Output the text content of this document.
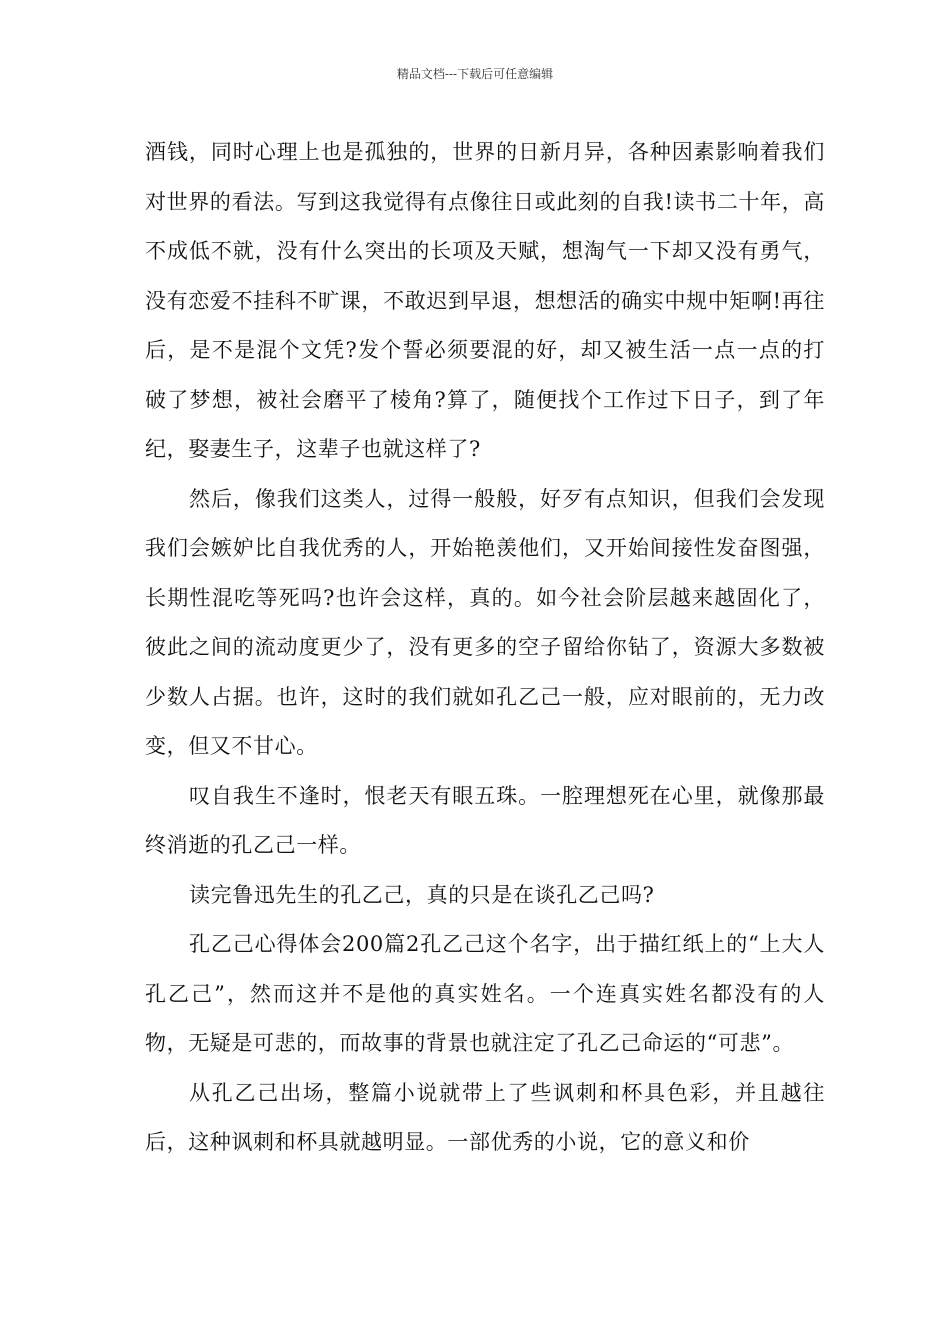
精品文档---下载后可任意编辑

酒钱，同时心理上也是孤独的，世界的日新月异，各种因素影响着我们对世界的看法。写到这我觉得有点像往日或此刻的自我!读书二十年，高不成低不就，没有什么突出的长项及天赋，想淘气一下却又没有勇气，没有恋爱不挂科不旷课，不敢迟到早退，想想活的确实中规中矩啊!再往后，是不是混个文凭?发个誓必须要混的好，却又被生活一点一点的打破了梦想，被社会磨平了棱角?算了，随便找个工作过下日子，到了年纪，娶妻生子，这辈子也就这样了?

然后，像我们这类人，过得一般般，好歹有点知识，但我们会发现我们会嫉妒比自我优秀的人，开始艳羡他们，又开始间接性发奋图强，长期性混吃等死吗?也许会这样，真的。如今社会阶层越来越固化了，彼此之间的流动度更少了，没有更多的空子留给你钻了，资源大多数被少数人占据。也许，这时的我们就如孔乙己一般，应对眼前的，无力改变，但又不甘心。

叹自我生不逢时，恨老天有眼五珠。一腔理想死在心里，就像那最终消逝的孔乙己一样。

读完鲁迅先生的孔乙己，真的只是在谈孔乙己吗?

孔乙己心得体会200篇2孔乙己这个名字，出于描红纸上的“上大人孔乙己”，然而这并不是他的真实姓名。一个连真实姓名都没有的人物，无疑是可悲的，而故事的背景也就注定了孔乙己命运的“可悲”。

从孔乙己出场，整篇小说就带上了些讽刺和杯具色彩，并且越往后，这种讽刺和杯具就越明显。一部优秀的小说，它的意义和价
